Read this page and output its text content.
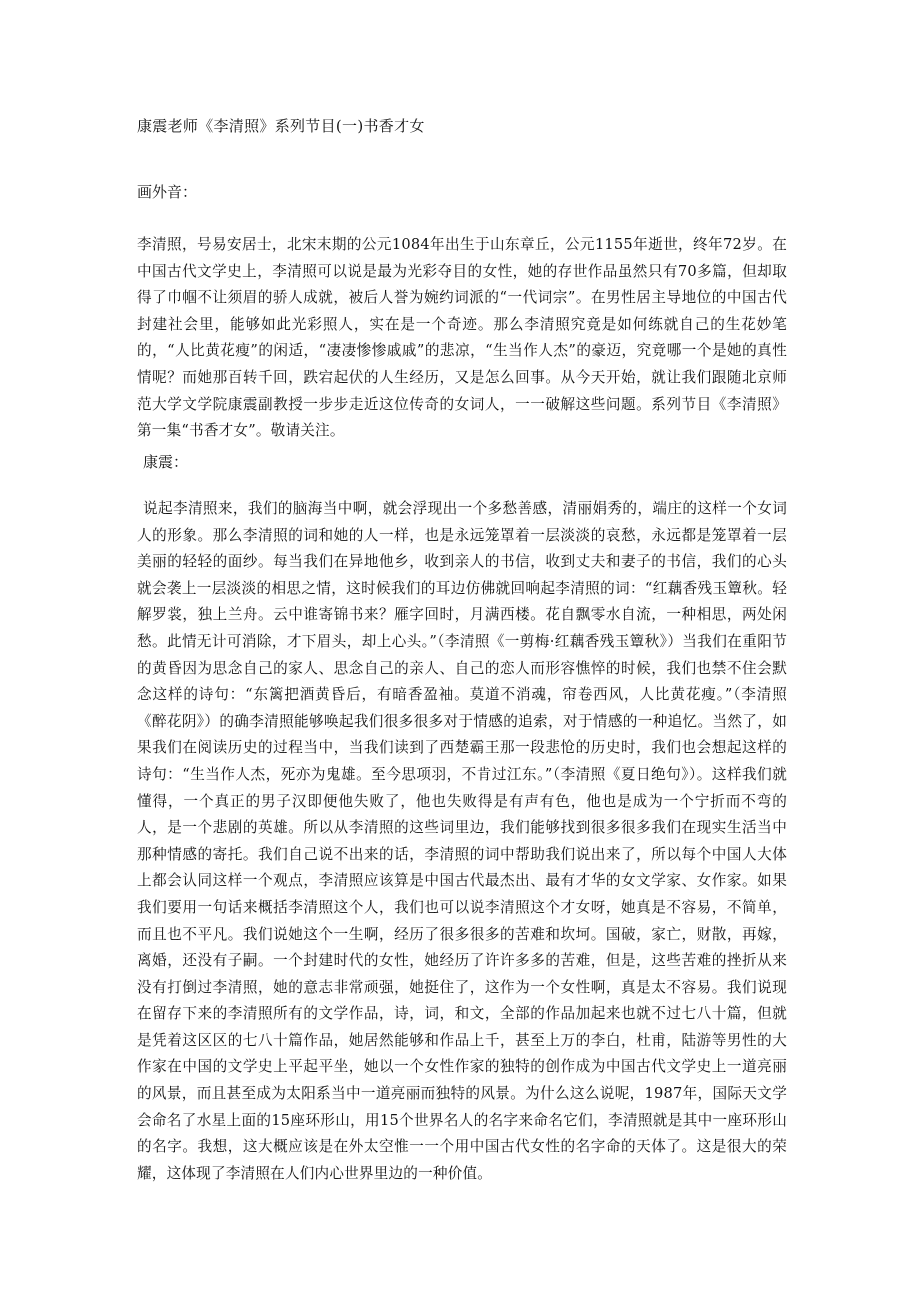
康震老师《李清照》系列节目(一)书香才女
画外音：

李清照，号易安居士，北宋末期的公元1084年出生于山东章丘，公元1155年逝世，终年72岁。在中国古代文学史上，李清照可以说是最为光彩夺目的女性，她的存世作品虽然只有70多篇，但却取得了巾帼不让须眉的骄人成就，被后人誉为婉约词派的“一代词宗”。在男性居主导地位的中国古代封建社会里，能够如此光彩照人，实在是一个奇迹。那么李清照究竟是如何练就自己的生花妙笔的，“人比黄花瘦”的闲适，“凄凄惨惨戚戚”的悲凉，“生当作人杰”的豪迈，究竟哪一个是她的真性情呢？而她那百转千回，跌宕起伏的人生经历，又是怎么回事。从今天开始，就让我们跟随北京师范大学文学院康震副教授一步步走近这位传奇的女词人，一一破解这些问题。系列节目《李清照》第一集“书香才女”。敬请关注。

康震：

说起李清照来，我们的脑海当中啊，就会浮现出一个多愁善感，清丽娟秀的，端庄的这样一个女词人的形象。那么李清照的词和她的人一样，也是永远笼罩着一层淡淡的哀愁，永远都是笼罩着一层美丽的轻轻的面纱。每当我们在异地他乡，收到亲人的书信，收到丈夫和妻子的书信，我们的心头就会袭上一层淡淡的相思之情，这时候我们的耳边仿佛就回响起李清照的词：“红藕香残玉簟秋。轻解罗裳，独上兰舟。云中谁寄锦书来？雁字回时，月满西楼。花自飘零水自流，一种相思，两处闲愁。此情无计可消除，才下眉头，却上心头。”（李清照《一剪梅·红藕香残玉簟秋》）当我们在重阳节的黄昏因为思念自己的家人、思念自己的亲人、自己的恋人而形容憔悴的时候，我们也禁不住会默念这样的诗句：“东篱把酒黄昏后，有暗香盈袖。莫道不消魂，帘卷西风，人比黄花瘦。”（李清照 《醉花阴》）的确李清照能够唤起我们很多很多对于情感的追索，对于情感的一种追忆。当然了，如果我们在阅读历史的过程当中，当我们读到了西楚霸王那一段悲怆的历史时，我们也会想起这样的诗句：“生当作人杰，死亦为鬼雄。至今思项羽，不肯过江东。”（李清照《夏日绝句》）。这样我们就懂得，一个真正的男子汉即便他失败了，他也失败得是有声有色，他也是成为一个宁折而不弯的人，是一个悲剧的英雄。所以从李清照的这些词里边，我们能够找到很多很多我们在现实生活当中那种情感的寄托。我们自己说不出来的话，李清照的词中帮助我们说出来了，所以每个中国人大体上都会认同这样一个观点，李清照应该算是中国古代最杰出、最有才华的女文学家、女作家。如果我们要用一句话来概括李清照这个人，我们也可以说李清照这个才女呀，她真是不容易，不简单，而且也不平凡。我们说她这个一生啊，经历了很多很多的苦难和坎坷。国破，家亡，财散，再嫁，离婚，还没有子嗣。一个封建时代的女性，她经历了许许多多的苦难，但是，这些苦难的挫折从来没有打倒过李清照，她的意志非常顽强，她挺住了，这作为一个女性啊，真是太不容易。我们说现在留存下来的李清照所有的文学作品，诗，词，和文，全部的作品加起来也就不过七八十篇，但就是凭着这区区的七八十篇作品，她居然能够和作品上千，甚至上万的李白，杜甫，陆游等男性的大作家在中国的文学史上平起平坐，她以一个女性作家的独特的创作成为中国古代文学史上一道亮丽的风景，而且甚至成为太阳系当中一道亮丽而独特的风景。为什么这么说呢，1987年，国际天文学会命名了水星上面的15座环形山，用15个世界名人的名字来命名它们，李清照就是其中一座环形山的名字。我想，这大概应该是在外太空惟一一个用中国古代女性的名字命的天体了。这是很大的荣耀，这体现了李清照在人们内心世界里边的一种价值。
